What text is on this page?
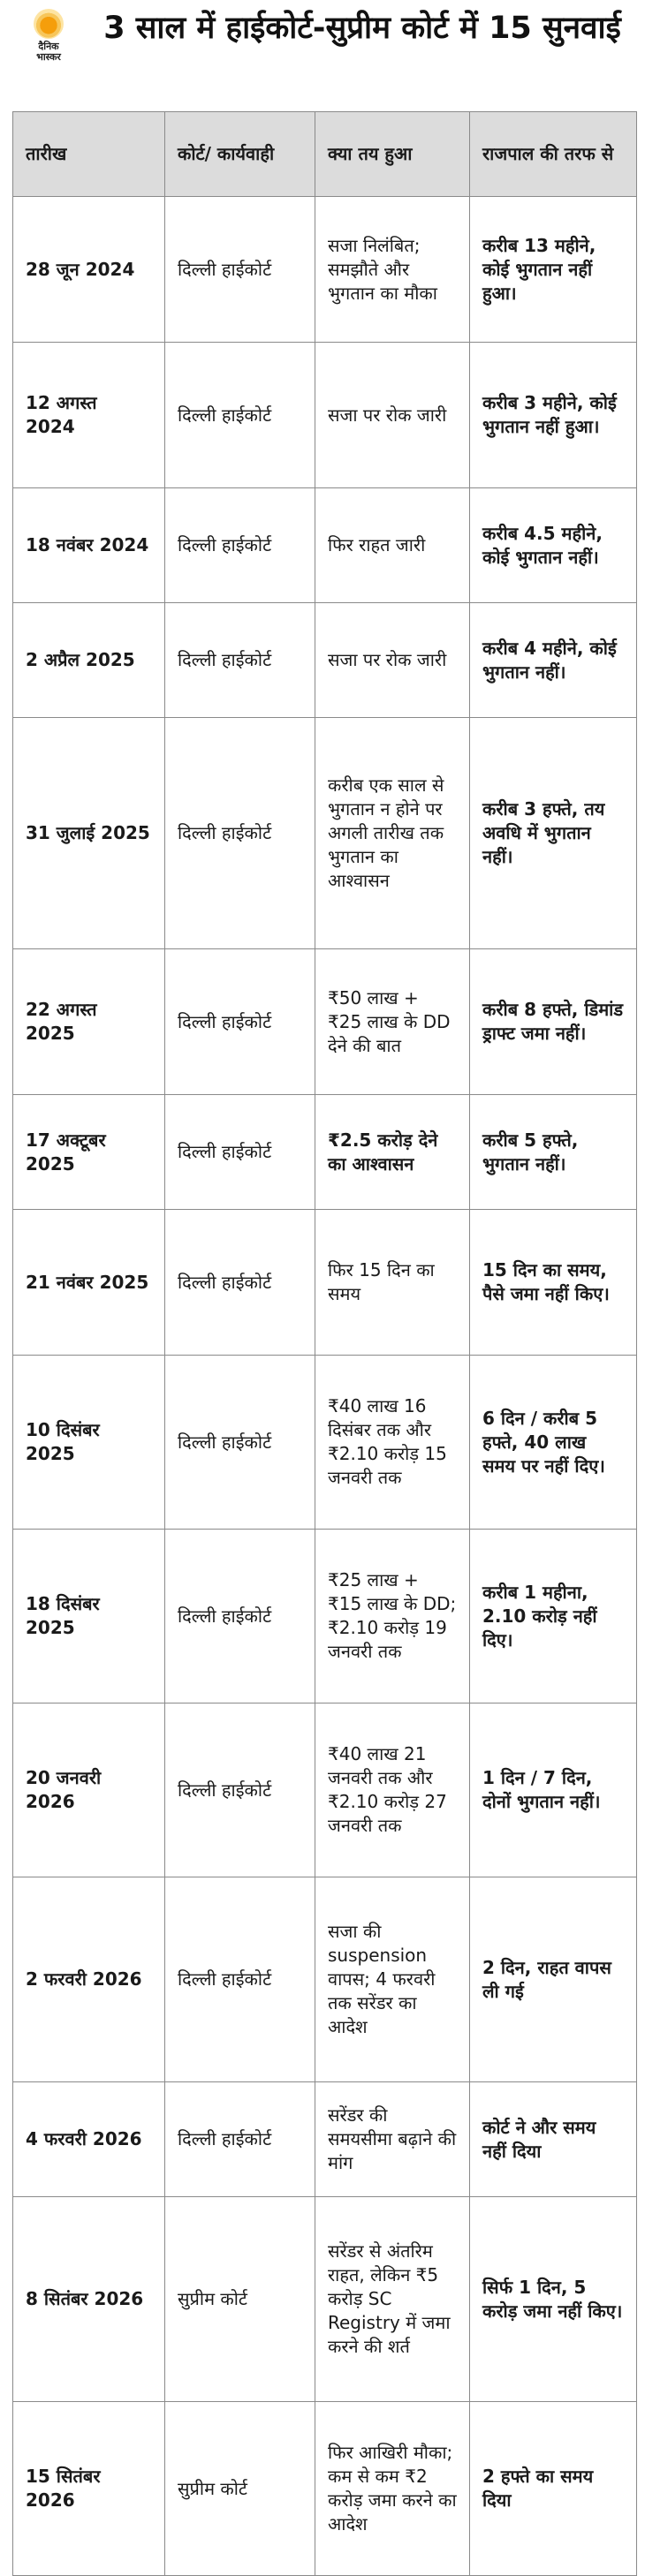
दैनिक
भास्कर
3 साल में हाईकोर्ट-सुप्रीम कोर्ट में 15 सुनवाई
तारीख	कोर्ट/ कार्यवाही	क्या तय हुआ	राजपाल की तरफ से
28 जून 2024	दिल्ली हाईकोर्ट	सजा निलंबित; समझौते और भुगतान का मौका	करीब 13 महीने, कोई भुगतान नहीं हुआ।
12 अगस्त 2024	दिल्ली हाईकोर्ट	सजा पर रोक जारी	करीब 3 महीने, कोई भुगतान नहीं हुआ।
18 नवंबर 2024	दिल्ली हाईकोर्ट	फिर राहत जारी	करीब 4.5 महीने, कोई भुगतान नहीं।
2 अप्रैल 2025	दिल्ली हाईकोर्ट	सजा पर रोक जारी	करीब 4 महीने, कोई भुगतान नहीं।
31 जुलाई 2025	दिल्ली हाईकोर्ट	करीब एक साल से भुगतान न होने पर अगली तारीख तक भुगतान का आश्वासन	करीब 3 हफ्ते, तय अवधि में भुगतान नहीं।
22 अगस्त 2025	दिल्ली हाईकोर्ट	₹50 लाख + ₹25 लाख के DD देने की बात	करीब 8 हफ्ते, डिमांड ड्राफ्ट जमा नहीं।
17 अक्टूबर 2025	दिल्ली हाईकोर्ट	₹2.5 करोड़ देने का आश्वासन	करीब 5 हफ्ते, भुगतान नहीं।
21 नवंबर 2025	दिल्ली हाईकोर्ट	फिर 15 दिन का समय	15 दिन का समय, पैसे जमा नहीं किए।
10 दिसंबर 2025	दिल्ली हाईकोर्ट	₹40 लाख 16 दिसंबर तक और ₹2.10 करोड़ 15 जनवरी तक	6 दिन / करीब 5 हफ्ते, 40 लाख समय पर नहीं दिए।
18 दिसंबर 2025	दिल्ली हाईकोर्ट	₹25 लाख + ₹15 लाख के DD; ₹2.10 करोड़ 19 जनवरी तक	करीब 1 महीना, 2.10 करोड़ नहीं दिए।
20 जनवरी 2026	दिल्ली हाईकोर्ट	₹40 लाख 21 जनवरी तक और ₹2.10 करोड़ 27 जनवरी तक	1 दिन / 7 दिन, दोनों भुगतान नहीं।
2 फरवरी 2026	दिल्ली हाईकोर्ट	सजा की suspension वापस; 4 फरवरी तक सरेंडर का आदेश	2 दिन, राहत वापस ली गई
4 फरवरी 2026	दिल्ली हाईकोर्ट	सरेंडर की समयसीमा बढ़ाने की मांग	कोर्ट ने और समय नहीं दिया
8 सितंबर 2026	सुप्रीम कोर्ट	सरेंडर से अंतरिम राहत, लेकिन ₹5 करोड़ SC Registry में जमा करने की शर्त	सिर्फ 1 दिन, 5 करोड़ जमा नहीं किए।
15 सितंबर 2026	सुप्रीम कोर्ट	फिर आखिरी मौका; कम से कम ₹2 करोड़ जमा करने का आदेश	2 हफ्ते का समय दिया
